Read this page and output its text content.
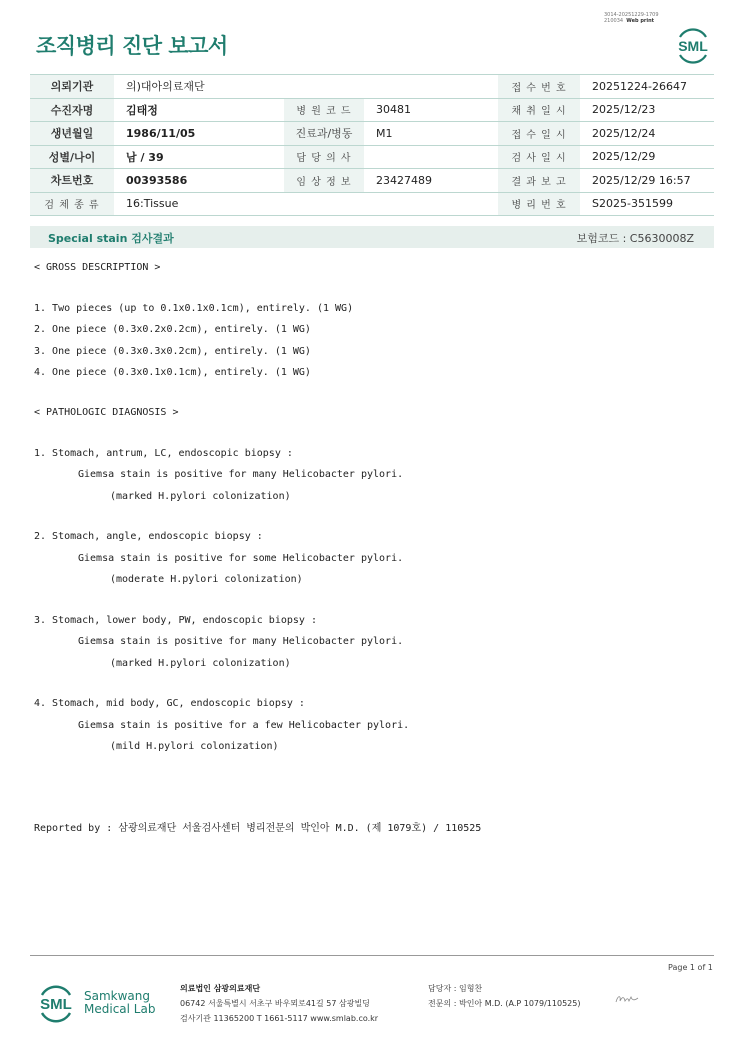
3014-20251229-1709
210034 Web print
조직병리 진단 보고서	SML
의뢰기관	의)대아의료재단			접 수 번 호	20251224-26647
수진자명	김태정	병 원 코 드	30481	채 취 일 시	2025/12/23
생년월일	1986/11/05	진료과/병동	M1	접 수 일 시	2025/12/24
성별/나이	남 / 39	담 당 의 사		검 사 일 시	2025/12/29
차트번호	00393586	임 상 정 보	23427489	결 과 보 고	2025/12/29 16:57
검 체 종 류	16:Tissue			병 리 번 호	S2025-351599
Special stain 검사결과	보험코드 : C5630008Z
< GROSS DESCRIPTION >
1. Two pieces (up to 0.1x0.1x0.1cm), entirely. (1 WG)
2. One piece (0.3x0.2x0.2cm), entirely. (1 WG)
3. One piece (0.3x0.3x0.2cm), entirely. (1 WG)
4. One piece (0.3x0.1x0.1cm), entirely. (1 WG)
< PATHOLOGIC DIAGNOSIS >
1. Stomach, antrum, LC, endoscopic biopsy :
Giemsa stain is positive for many Helicobacter pylori.
(marked H.pylori colonization)
2. Stomach, angle, endoscopic biopsy :
Giemsa stain is positive for some Helicobacter pylori.
(moderate H.pylori colonization)
3. Stomach, lower body, PW, endoscopic biopsy :
Giemsa stain is positive for many Helicobacter pylori.
(marked H.pylori colonization)
4. Stomach, mid body, GC, endoscopic biopsy :
Giemsa stain is positive for a few Helicobacter pylori.
(mild H.pylori colonization)
Reported by : 삼광의료재단 서울검사센터 병리전문의 박인아 M.D. (제 1079호) / 110525
Page 1 of 1
SML Samkwang
Medical Lab
의료법인 삼광의료재단
06742 서울특별시 서초구 바우뫼로41길 57 삼광빌딩
검사기관 11365200 T 1661-5117 www.smlab.co.kr
담당자 : 임형찬
전문의 : 박인아 M.D. (A.P 1079/110525)
